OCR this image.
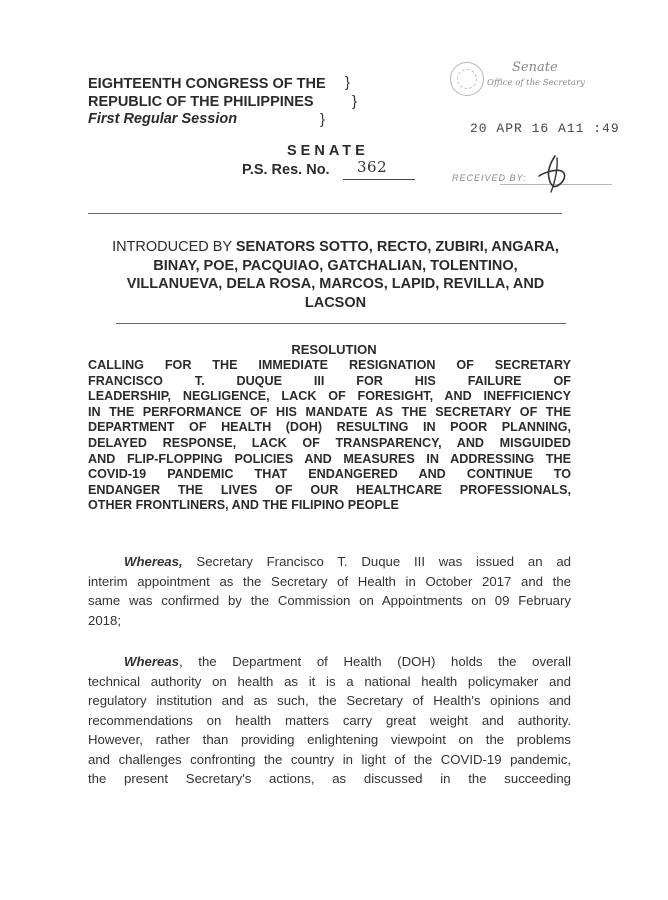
EIGHTEENTH CONGRESS OF THE
REPUBLIC OF THE PHILIPPINES
First Regular Session
}
}
}
Senate
Office of the Secretary
20 APR 16 A11 :49
RECEIVED BY:
SENATE
P.S. Res. No. 362
INTRODUCED BY SENATORS SOTTO, RECTO, ZUBIRI, ANGARA,
BINAY, POE, PACQUIAO, GATCHALIAN, TOLENTINO,
VILLANUEVA, DELA ROSA, MARCOS, LAPID, REVILLA, AND
LACSON
RESOLUTION
CALLING FOR THE IMMEDIATE RESIGNATION OF SECRETARY
FRANCISCO T. DUQUE III FOR HIS FAILURE OF
LEADERSHIP, NEGLIGENCE, LACK OF FORESIGHT, AND INEFFICIENCY
IN THE PERFORMANCE OF HIS MANDATE AS THE SECRETARY OF THE
DEPARTMENT OF HEALTH (DOH) RESULTING IN POOR PLANNING,
DELAYED RESPONSE, LACK OF TRANSPARENCY, AND MISGUIDED
AND FLIP-FLOPPING POLICIES AND MEASURES IN ADDRESSING THE
COVID-19 PANDEMIC THAT ENDANGERED AND CONTINUE TO
ENDANGER THE LIVES OF OUR HEALTHCARE PROFESSIONALS,
OTHER FRONTLINERS, AND THE FILIPINO PEOPLE
Whereas, Secretary Francisco T. Duque III was issued an ad
interim appointment as the Secretary of Health in October 2017 and the
same was confirmed by the Commission on Appointments on 09 February
2018;
Whereas, the Department of Health (DOH) holds the overall
technical authority on health as it is a national health policymaker and
regulatory institution and as such, the Secretary of Health's opinions and
recommendations on health matters carry great weight and authority.
However, rather than providing enlightening viewpoint on the problems
and challenges confronting the country in light of the COVID-19 pandemic,
the present Secretary's actions, as discussed in the succeeding
